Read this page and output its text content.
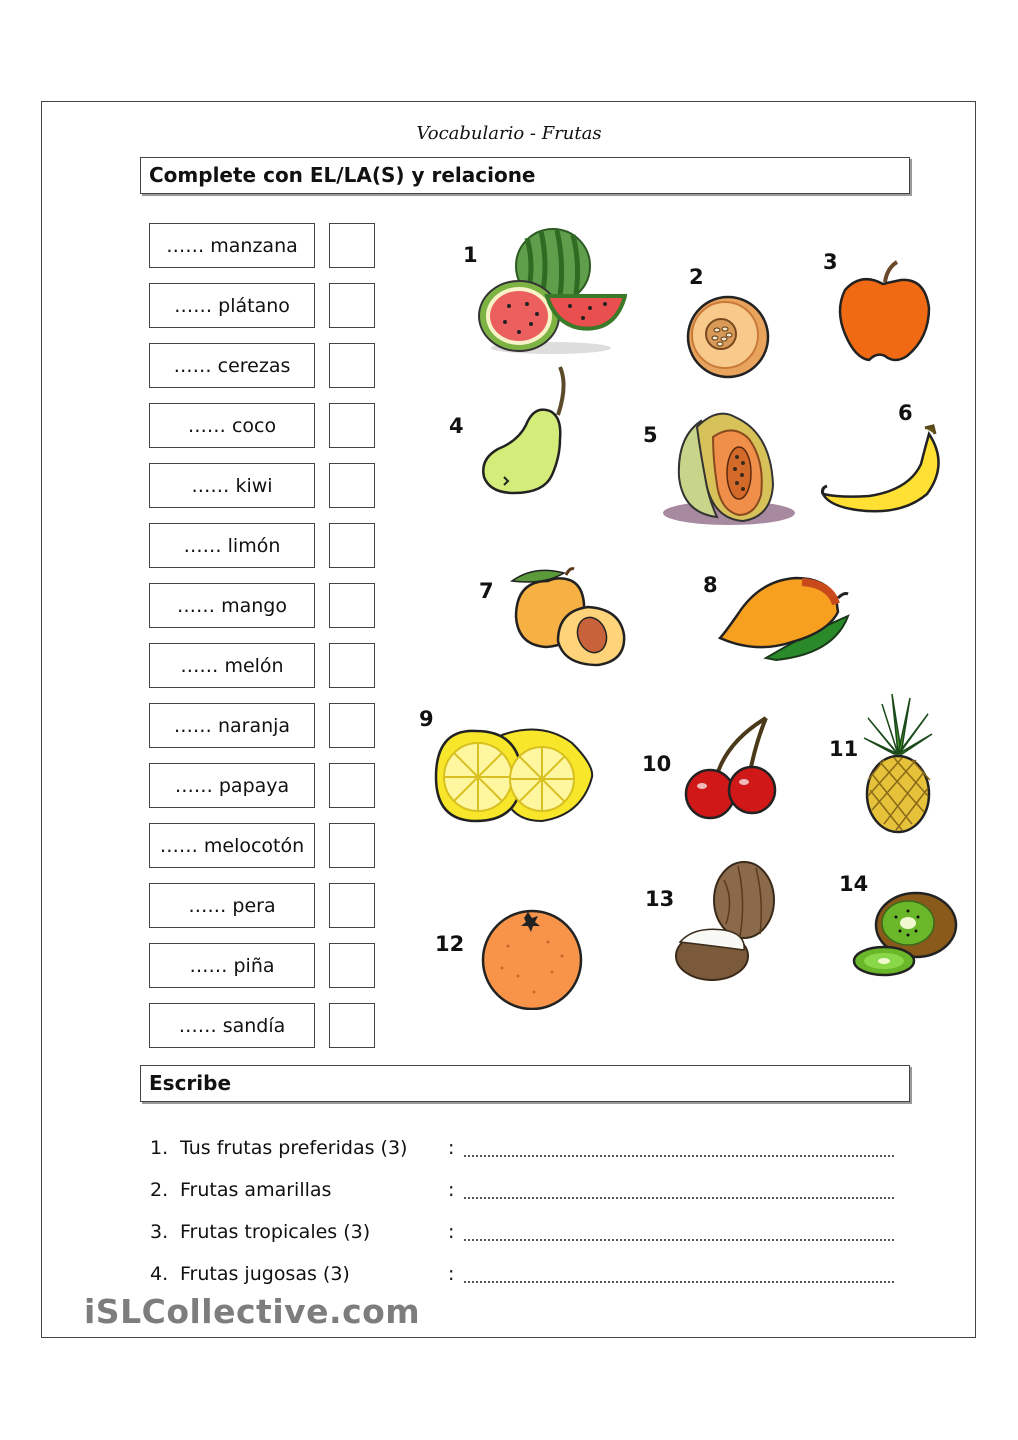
Vocabulario - Frutas
Complete con EL/LA(S) y relacione
…… manzana
…… plátano
…… cerezas
…… coco
…… kiwi
…… limón
…… mango
…… melón
…… naranja
…… papaya
…… melocotón
…… pera
…… piña
…… sandía
1
2
3
4	5
6
7	8
9
10
11
12
13
14
Escribe
1. Tus frutas preferidas (3) :
2. Frutas amarillas	:
3. Frutas tropicales (3)	:
4. Frutas jugosas (3)	:
iSLCollective.com
